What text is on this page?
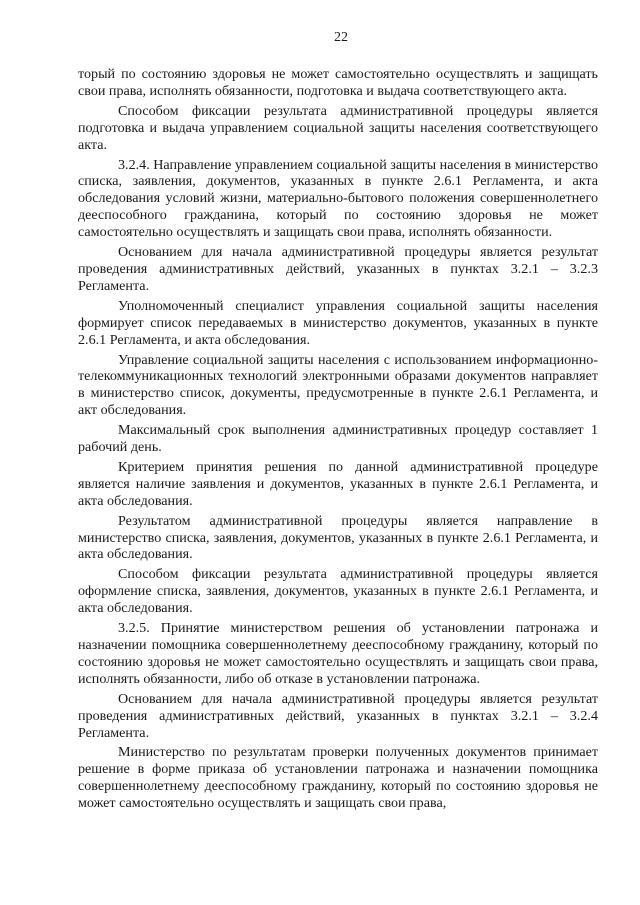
22

торый по состоянию здоровья не может самостоятельно осуществлять и защищать свои права, исполнять обязанности, подготовка и выдача соответствующего акта.

Способом фиксации результата административной процедуры является подготовка и выдача управлением социальной защиты населения соответствующего акта.

3.2.4. Направление управлением социальной защиты населения в министерство списка, заявления, документов, указанных в пункте 2.6.1 Регламента, и акта обследования условий жизни, материально-бытового положения совершеннолетнего дееспособного гражданина, который по состоянию здоровья не может самостоятельно осуществлять и защищать свои права, исполнять обязанности.

Основанием для начала административной процедуры является результат проведения административных действий, указанных в пунктах 3.2.1 – 3.2.3 Регламента.

Уполномоченный специалист управления социальной защиты населения формирует список передаваемых в министерство документов, указанных в пункте 2.6.1 Регламента, и акта обследования.

Управление социальной защиты населения с использованием информационно-телекоммуникационных технологий электронными образами документов направляет в министерство список, документы, предусмотренные в пункте 2.6.1 Регламента, и акт обследования.

Максимальный срок выполнения административных процедур составляет 1 рабочий день.

Критерием принятия решения по данной административной процедуре является наличие заявления и документов, указанных в пункте 2.6.1 Регламента, и акта обследования.

Результатом административной процедуры является направление в министерство списка, заявления, документов, указанных в пункте 2.6.1 Регламента, и акта обследования.

Способом фиксации результата административной процедуры является оформление списка, заявления, документов, указанных в пункте 2.6.1 Регламента, и акта обследования.

3.2.5. Принятие министерством решения об установлении патронажа и назначении помощника совершеннолетнему дееспособному гражданину, который по состоянию здоровья не может самостоятельно осуществлять и защищать свои права, исполнять обязанности, либо об отказе в установлении патронажа.

Основанием для начала административной процедуры является результат проведения административных действий, указанных в пунктах 3.2.1 – 3.2.4 Регламента.

Министерство по результатам проверки полученных документов принимает решение в форме приказа об установлении патронажа и назначении помощника совершеннолетнему дееспособному гражданину, который по состоянию здоровья не может самостоятельно осуществлять и защищать свои права,
